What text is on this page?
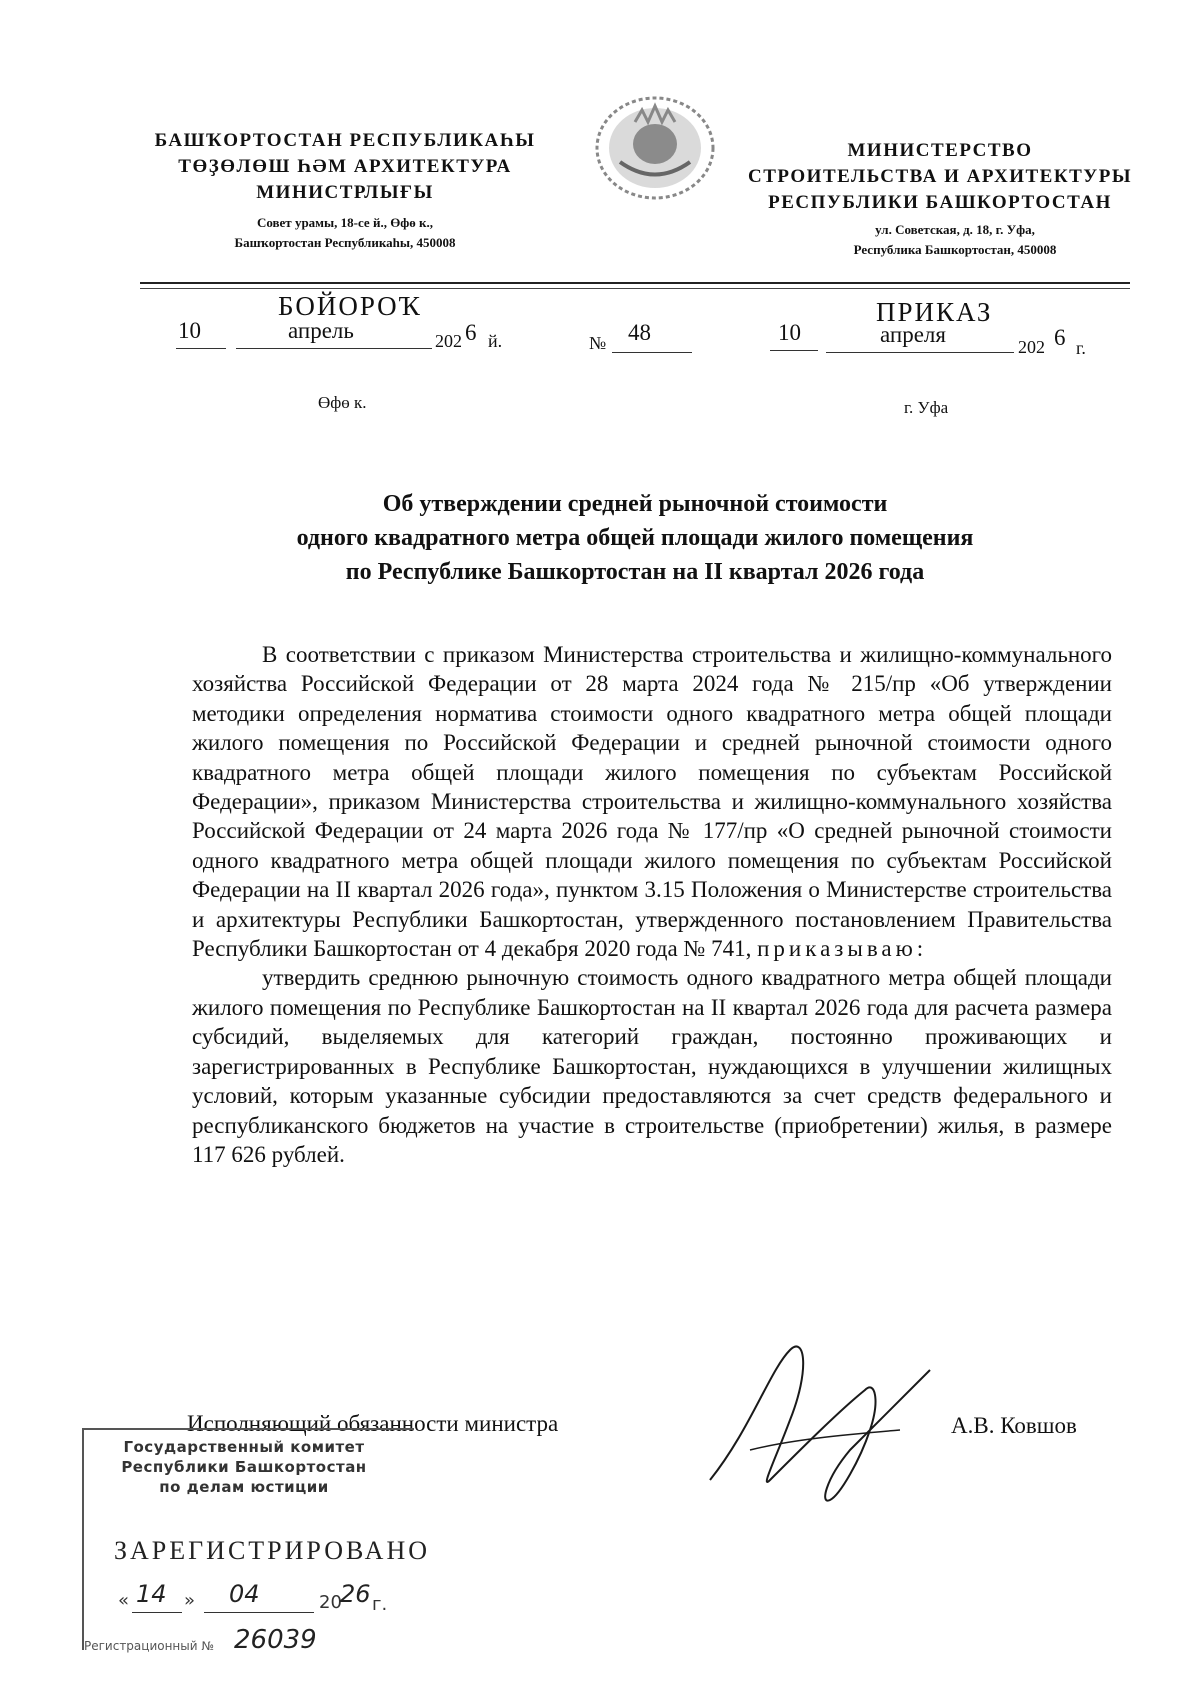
БАШҠОРТОСТАН РЕСПУБЛИКАҺЫ
ТӨҘӨЛӨШ ҺӘМ АРХИТЕКТУРА
МИНИСТРЛЫҒЫ
Совет урамы, 18-се й., Өфө к.,
Башҡортостан Республикаһы, 450008
МИНИСТЕРСТВО
СТРОИТЕЛЬСТВА И АРХИТЕКТУРЫ
РЕСПУБЛИКИ БАШКОРТОСТАН
ул. Советская, д. 18, г. Уфа,
Республика Башкортостан, 450008
БОЙОРОҠ	ПРИКАЗ
10	апрель	202 6 й.	№ 48	10	апреля	202 6 г.
Өфө к.	г. Уфа
Об утверждении средней рыночной стоимости
одного квадратного метра общей площади жилого помещения
по Республике Башкортостан на II квартал 2026 года

В соответствии с приказом Министерства строительства и жилищно-коммунального хозяйства Российской Федерации от 28 марта 2024 года № 215/пр «Об утверждении методики определения норматива стоимости одного квадратного метра общей площади жилого помещения по Российской Федерации и средней рыночной стоимости одного квадратного метра общей площади жилого помещения по субъектам Российской Федерации», приказом Министерства строительства и жилищно-коммунального хозяйства Российской Федерации от 24 марта 2026 года № 177/пр «О средней рыночной стоимости одного квадратного метра общей площади жилого помещения по субъектам Российской Федерации на II квартал 2026 года», пунктом 3.15 Положения о Министерстве строительства и архитектуры Республики Башкортостан, утвержденного постановлением Правительства Республики Башкортостан от 4 декабря 2020 года № 741, приказываю:

утвердить среднюю рыночную стоимость одного квадратного метра общей площади жилого помещения по Республике Башкортостан на II квартал 2026 года для расчета размера субсидий, выделяемых для категорий граждан, постоянно проживающих и зарегистрированных в Республике Башкортостан, нуждающихся в улучшении жилищных условий, которым указанные субсидии предоставляются за счет средств федерального и республиканского бюджетов на участие в строительстве (приобретении) жилья, в размере 117 626 рублей.

Исполняющий обязанности министра	А.В. Ковшов
Государственный комитет
Республики Башкортостан
по делам юстиции
ЗАРЕГИСТРИРОВАНО
« 14 » 04	20
26 г.
Регистрационный № 26039
